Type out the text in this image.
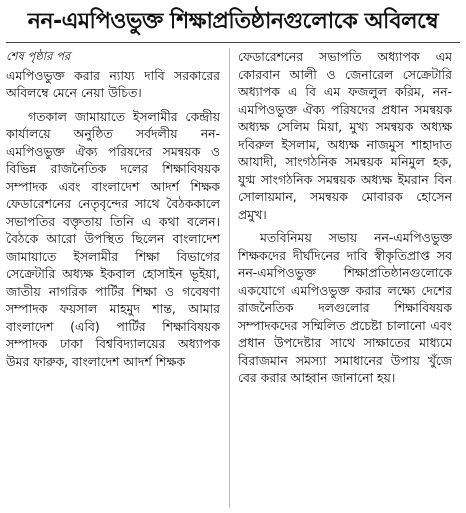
নন-এমপিওভুক্ত শিক্ষাপ্রতিষ্ঠানগুলোকে অবিলম্বে
শেষ পৃষ্ঠার পর

এমপিওভুক্ত করার ন্যায্য দাবি সরকারের অবিলম্বে মেনে নেয়া উচিত।

গতকাল জামায়াতে ইসলামীর কেন্দ্রীয় কার্যালয়ে অনুষ্ঠিত সর্বদলীয় নন-এমপিওভুক্ত ঐক্য পরিষদের সমন্বয়ক ও বিভিন্ন রাজনৈতিক দলের শিক্ষাবিষয়ক সম্পাদক এবং বাংলাদেশ আদর্শ শিক্ষক ফেডারেশনের নেতৃবৃন্দের সাথে বৈঠককালে সভাপতির বক্তৃতায় তিনি এ কথা বলেন। বৈঠকে আরো উপস্থিত ছিলেন বাংলাদেশ জামায়াতে ইসলামীর শিক্ষা বিভাগের সেক্রেটারি অধ্যক্ষ ইকবাল হোসাইন ভূইয়া, জাতীয় নাগরিক পার্টির শিক্ষা ও গবেষণা সম্পাদক ফয়সাল মাহমুদ শান্ত, আমার বাংলাদেশ (এবি) পার্টির শিক্ষাবিষয়ক সম্পাদক ঢাকা বিশ্ববিদ্যালয়ের অধ্যাপক উমর ফারুক, বাংলাদেশ আদর্শ শিক্ষক

ফেডারেশনের সভাপতি অধ্যাপক এম কোরবান আলী ও জেনারেল সেক্রেটারি অধ্যাপক এ বি এম ফজলুল করিম, নন-এমপিওভুক্ত ঐক্য পরিষদের প্রধান সমন্বয়ক অধ্যক্ষ সেলিম মিয়া, মুখ্য সমন্বয়ক অধ্যক্ষ দবিরুল ইসলাম, অধ্যক্ষ নাজমুস শাহাদাত আযাদী, সাংগঠনিক সমন্বয়ক মনিমুল হক, যুগ্ম সাংগঠনিক সমন্বয়ক অধ্যক্ষ ইমরান বিন সোলায়মান, সমন্বয়ক মোবারক হোসেন প্রমুখ।

মতবিনিময় সভায় নন-এমপিওভুক্ত শিক্ষকদের দীর্ঘদিনের দাবি স্বীকৃতিপ্রাপ্ত সব নন-এমপিওভুক্ত শিক্ষাপ্রতিষ্ঠানগুলোকে একযোগে এমপিওভুক্ত করার লক্ষ্যে দেশের রাজনৈতিক দলগুলোর শিক্ষাবিষয়ক সম্পাদকদের সম্মিলিত প্রচেষ্টা চালানো এবং প্রধান উপদেষ্টার সাথে সাক্ষাতের মাধ্যমে বিরাজমান সমস্যা সমাধানের উপায় খুঁজে বের করার আহ্বান জানানো হয়।
